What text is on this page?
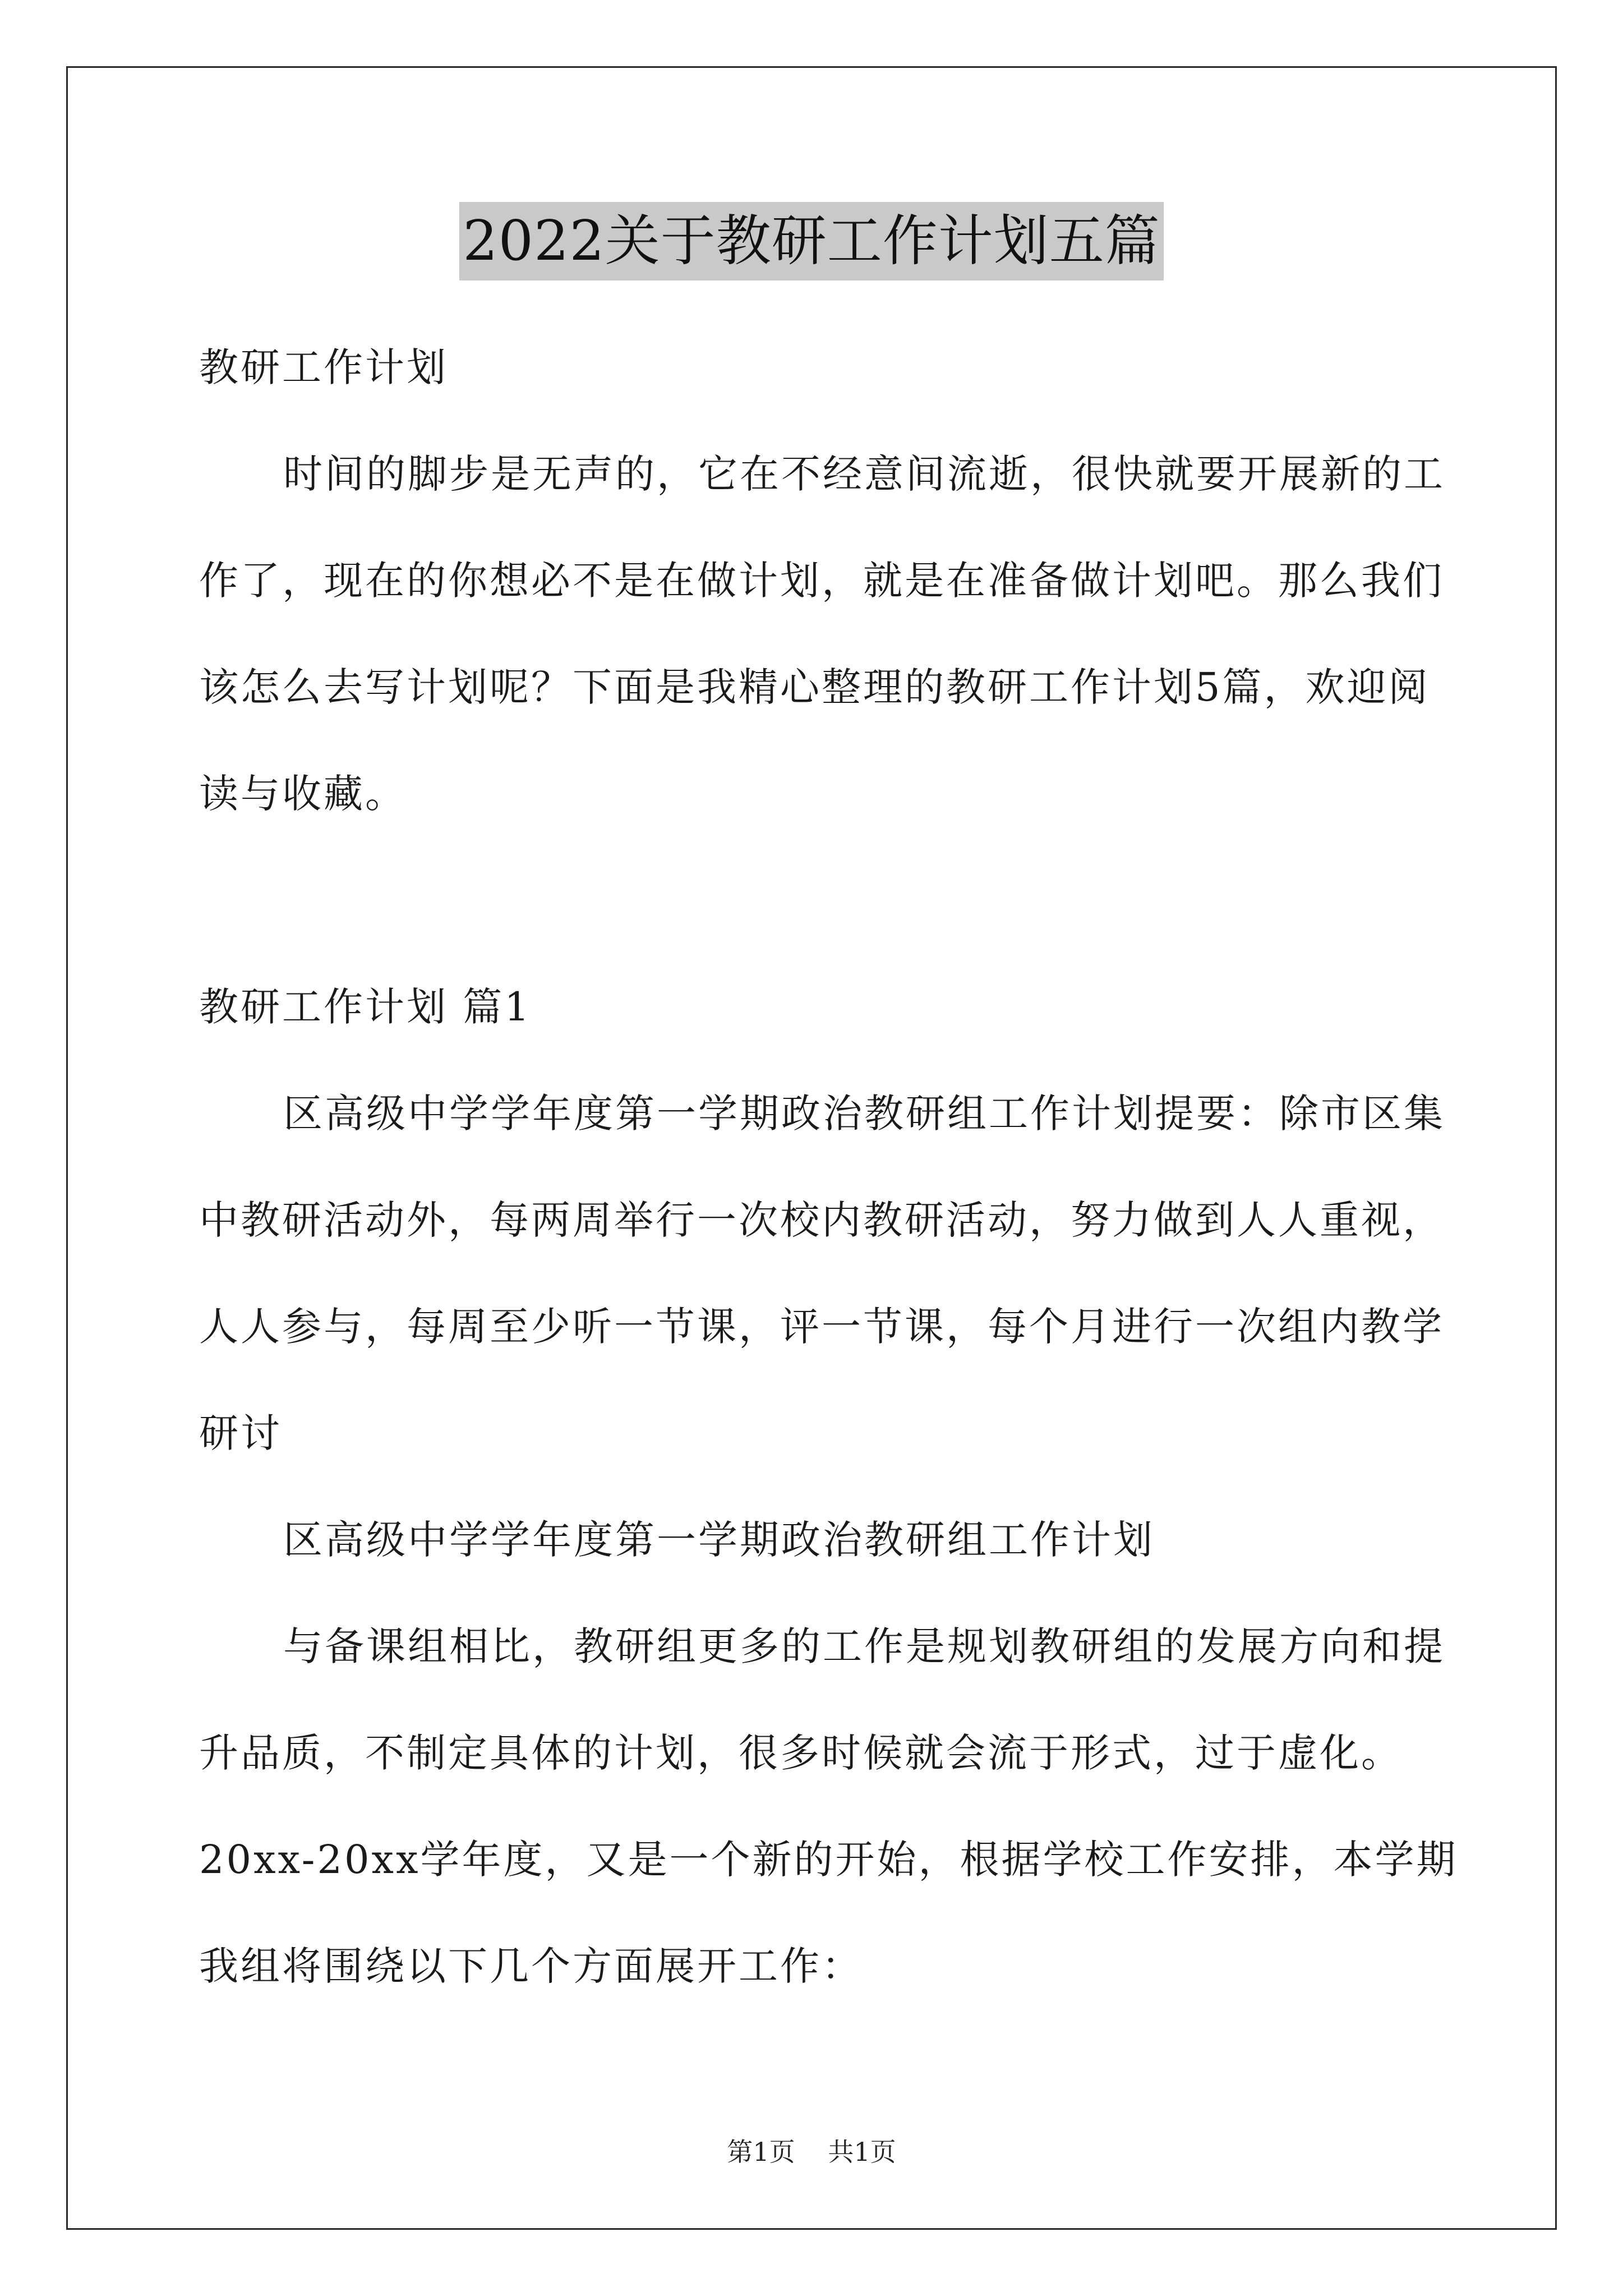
2022关于教研工作计划五篇
教研工作计划
时间的脚步是无声的，它在不经意间流逝，很快就要开展新的工
作了，现在的你想必不是在做计划，就是在准备做计划吧。那么我们
该怎么去写计划呢？下面是我精心整理的教研工作计划5篇，欢迎阅
读与收藏。
教研工作计划 篇1
区高级中学学年度第一学期政治教研组工作计划提要：除市区集
中教研活动外，每两周举行一次校内教研活动，努力做到人人重视，
人人参与，每周至少听一节课，评一节课，每个月进行一次组内教学
研讨
区高级中学学年度第一学期政治教研组工作计划
与备课组相比，教研组更多的工作是规划教研组的发展方向和提
升品质，不制定具体的计划，很多时候就会流于形式，过于虚化。
20xx-20xx学年度，又是一个新的开始，根据学校工作安排，本学期
我组将围绕以下几个方面展开工作：
第1页 共1页
